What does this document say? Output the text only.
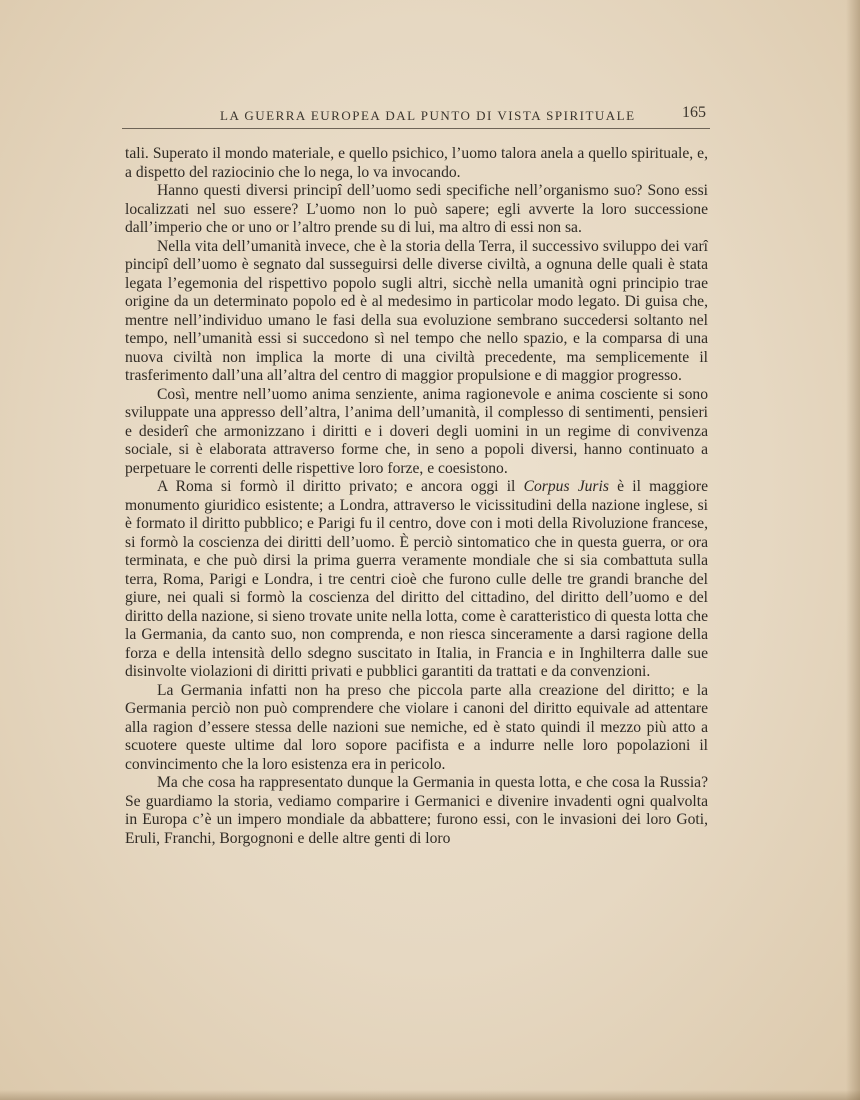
LA GUERRA EUROPEA DAL PUNTO DI VISTA SPIRITUALE	165

tali. Superato il mondo materiale, e quello psichico, l’uomo talora anela a quello spirituale, e, a dispetto del raziocinio che lo nega, lo va invocando.

Hanno questi diversi principî dell’uomo sedi specifiche nell’organismo suo? Sono essi localizzati nel suo essere? L’uomo non lo può sapere; egli avverte la loro successione dall’imperio che or uno or l’altro prende su di lui, ma altro di essi non sa.

Nella vita dell’umanità invece, che è la storia della Terra, il successivo sviluppo dei varî pincipî dell’uomo è segnato dal susseguirsi delle diverse civiltà, a ognuna delle quali è stata legata l’egemonia del rispettivo popolo sugli altri, sicchè nella umanità ogni principio trae origine da un determinato popolo ed è al medesimo in particolar modo legato. Di guisa che, mentre nell’individuo umano le fasi della sua evoluzione sembrano succedersi soltanto nel tempo, nell’umanità essi si succedono sì nel tempo che nello spazio, e la comparsa di una nuova civiltà non implica la morte di una civiltà precedente, ma semplicemente il trasferimento dall’una all’altra del centro di maggior propulsione e di maggior progresso.

Così, mentre nell’uomo anima senziente, anima ragionevole e anima cosciente si sono sviluppate una appresso dell’altra, l’anima dell’umanità, il complesso di sentimenti, pensieri e desiderî che armonizzano i diritti e i doveri degli uomini in un regime di convivenza sociale, si è elaborata attraverso forme che, in seno a popoli diversi, hanno continuato a perpetuare le correnti delle rispettive loro forze, e coesistono.

A Roma si formò il diritto privato; e ancora oggi il Corpus Juris è il maggiore monumento giuridico esistente; a Londra, attraverso le vicissitudini della nazione inglese, si è formato il diritto pubblico; e Parigi fu il centro, dove con i moti della Rivoluzione francese, si formò la coscienza dei diritti dell’uomo. È perciò sintomatico che in questa guerra, or ora terminata, e che può dirsi la prima guerra veramente mondiale che si sia combattuta sulla terra, Roma, Parigi e Londra, i tre centri cioè che furono culle delle tre grandi branche del giure, nei quali si formò la coscienza del diritto del cittadino, del diritto dell’uomo e del diritto della nazione, si sieno trovate unite nella lotta, come è caratteristico di questa lotta che la Germania, da canto suo, non comprenda, e non riesca sinceramente a darsi ragione della forza e della intensità dello sdegno suscitato in Italia, in Francia e in Inghilterra dalle sue disinvolte violazioni di diritti privati e pubblici garantiti da trattati e da convenzioni.

La Germania infatti non ha preso che piccola parte alla creazione del diritto; e la Germania perciò non può comprendere che violare i canoni del diritto equivale ad attentare alla ragion d’essere stessa delle nazioni sue nemiche, ed è stato quindi il mezzo più atto a scuotere queste ultime dal loro sopore pacifista e a indurre nelle loro popolazioni il convincimento che la loro esistenza era in pericolo.

Ma che cosa ha rappresentato dunque la Germania in questa lotta, e che cosa la Russia? Se guardiamo la storia, vediamo comparire i Germanici e divenire invadenti ogni qualvolta in Europa c’è un impero mondiale da abbattere; furono essi, con le invasioni dei loro Goti, Eruli, Franchi, Borgognoni e delle altre genti di loro
